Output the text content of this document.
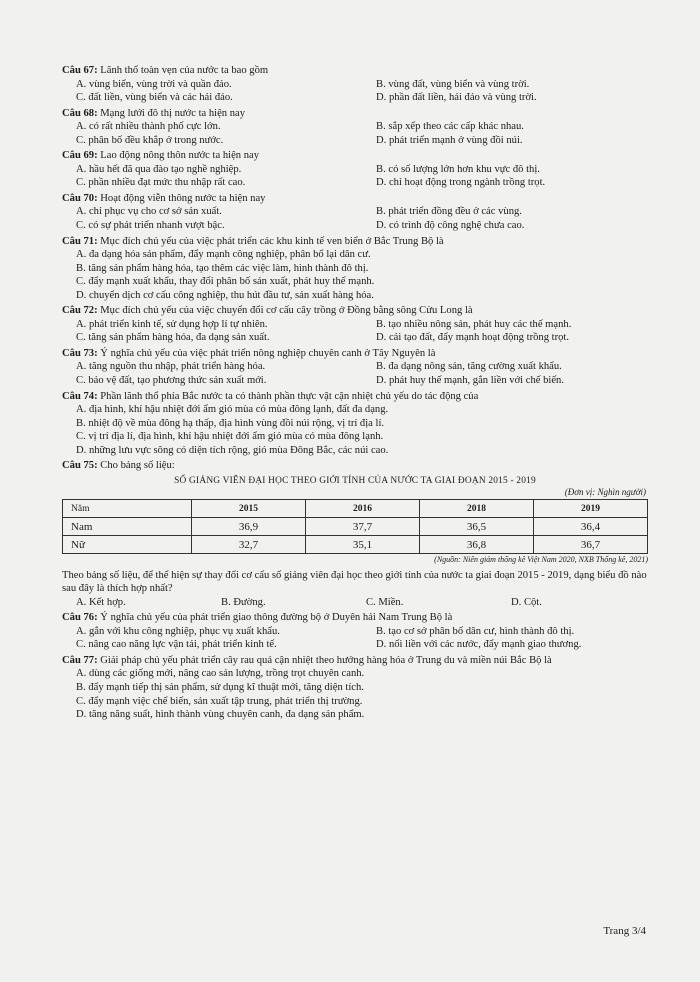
Câu 67: Lãnh thổ toàn vẹn của nước ta bao gồm

A. vùng biển, vùng trời và quần đảo.	B. vùng đất, vùng biển và vùng trời.
C. đất liền, vùng biển và các hải đảo.	D. phần đất liền, hải đảo và vùng trời.

Câu 68: Mạng lưới đô thị nước ta hiện nay

A. có rất nhiều thành phố cực lớn.	B. sắp xếp theo các cấp khác nhau.
C. phân bố đều khắp ở trong nước.	D. phát triển mạnh ở vùng đồi núi.

Câu 69: Lao động nông thôn nước ta hiện nay

A. hầu hết đã qua đào tạo nghề nghiệp.	B. có số lượng lớn hơn khu vực đô thị.
C. phần nhiều đạt mức thu nhập rất cao.	D. chỉ hoạt động trong ngành trồng trọt.

Câu 70: Hoạt động viễn thông nước ta hiện nay

A. chỉ phục vụ cho cơ sở sản xuất.	B. phát triển đồng đều ở các vùng.
C. có sự phát triển nhanh vượt bậc.	D. có trình độ công nghệ chưa cao.

Câu 71: Mục đích chủ yếu của việc phát triển các khu kinh tế ven biển ở Bắc Trung Bộ là

A. đa dạng hóa sản phẩm, đẩy mạnh công nghiệp, phân bố lại dân cư.
B. tăng sản phẩm hàng hóa, tạo thêm các việc làm, hình thành đô thị.
C. đẩy mạnh xuất khẩu, thay đổi phân bố sản xuất, phát huy thế mạnh.
D. chuyển dịch cơ cấu công nghiệp, thu hút đầu tư, sản xuất hàng hóa.

Câu 72: Mục đích chủ yếu của việc chuyển đổi cơ cấu cây trồng ở Đồng bằng sông Cửu Long là

A. phát triển kinh tế, sử dụng hợp lí tự nhiên.	B. tạo nhiều nông sản, phát huy các thế mạnh.
C. tăng sản phẩm hàng hóa, đa dạng sản xuất.	D. cải tạo đất, đẩy mạnh hoạt động trồng trọt.

Câu 73: Ý nghĩa chủ yếu của việc phát triển nông nghiệp chuyên canh ở Tây Nguyên là

A. tăng nguồn thu nhập, phát triển hàng hóa.	B. đa dạng nông sản, tăng cường xuất khẩu.
C. bảo vệ đất, tạo phương thức sản xuất mới.	D. phát huy thế mạnh, gắn liền với chế biến.

Câu 74: Phần lãnh thổ phía Bắc nước ta có thành phần thực vật cận nhiệt chủ yếu do tác động của

A. địa hình, khí hậu nhiệt đới ẩm gió mùa có mùa đông lạnh, đất đa dạng.
B. nhiệt độ về mùa đông hạ thấp, địa hình vùng đồi núi rộng, vị trí địa lí.
C. vị trí địa lí, địa hình, khí hậu nhiệt đới ẩm gió mùa có mùa đông lạnh.
D. những lưu vực sông có diện tích rộng, gió mùa Đông Bắc, các núi cao.

Câu 75: Cho bảng số liệu:

SỐ GIẢNG VIÊN ĐẠI HỌC THEO GIỚI TÍNH CỦA NƯỚC TA GIAI ĐOẠN 2015 - 2019
(Đơn vị: Nghìn người)
Năm	2015	2016	2018	2019
Nam	36,9	37,7	36,5	36,4
Nữ	32,7	35,1	36,8	36,7
(Nguồn: Niên giám thống kê Việt Nam 2020, NXB Thống kê, 2021)

Theo bảng số liệu, để thể hiện sự thay đổi cơ cấu số giảng viên đại học theo giới tính của nước ta giai đoạn 2015 - 2019, dạng biểu đồ nào sau đây là thích hợp nhất?

A. Kết hợp.	B. Đường.	C. Miền.	D. Cột.

Câu 76: Ý nghĩa chủ yếu của phát triển giao thông đường bộ ở Duyên hải Nam Trung Bộ là

A. gắn với khu công nghiệp, phục vụ xuất khẩu.	B. tạo cơ sở phân bố dân cư, hình thành đô thị.
C. nâng cao năng lực vận tải, phát triển kinh tế.	D. nối liền với các nước, đẩy mạnh giao thương.

Câu 77: Giải pháp chủ yếu phát triển cây rau quả cận nhiệt theo hướng hàng hóa ở Trung du và miền núi Bắc Bộ là

A. dùng các giống mới, nâng cao sản lượng, trồng trọt chuyên canh.
B. đẩy mạnh tiếp thị sản phẩm, sử dụng kĩ thuật mới, tăng diện tích.
C. đẩy mạnh việc chế biến, sản xuất tập trung, phát triển thị trường.
D. tăng năng suất, hình thành vùng chuyên canh, đa dạng sản phẩm.
Trang 3/4
